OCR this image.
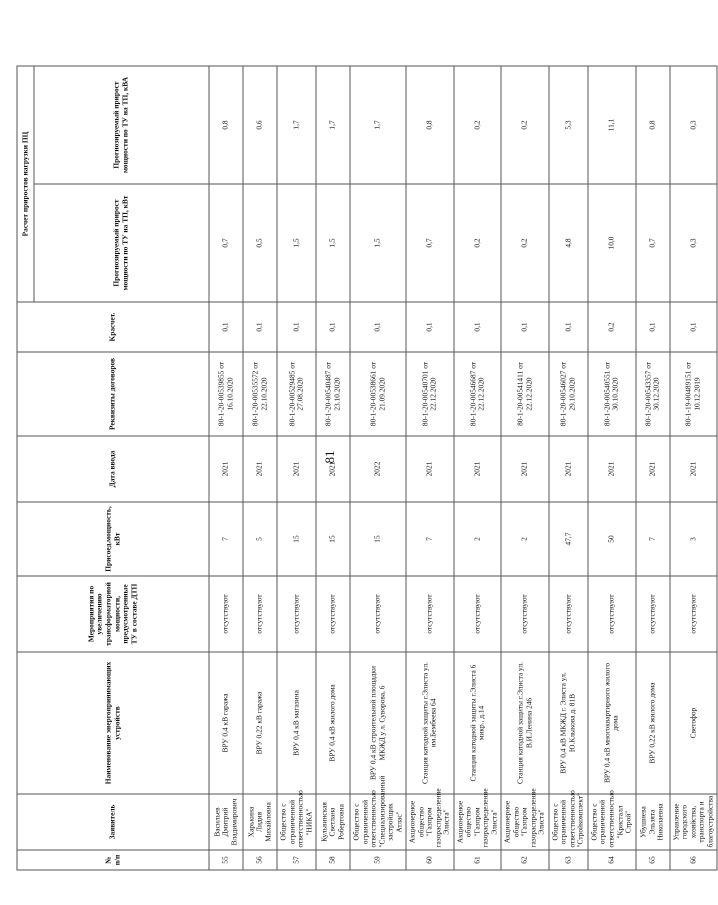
81
№ п/п	Заявитель	Наименование энергопринимающих устройств	Мероприятия по увеличению трансформаторной мощности, предусмотренные ТУ в составе ДТП	Присоед.мощность, кВт	Дата ввода	Реквизиты договоров	Kрасчет.	Расчет приростов нагрузки ПЦ	
								Прогнозируемый прирост мощности по ТУ на ТП, кВт	Прогнозируемый прирост мощности по ТУ на ТП, кВА
55	Васильев Дмитрий Владимирович	ВРУ 0,4 кВ гаража	отсутствуют	7	2021	80-1-20-00539855 от 16.10.2020	0,1	0,7	0,8
56	Харькина Лидия Михайловна	ВРУ 0,22 кВ гаража	отсутствуют	5	2021	80-1-20-00535572 от 22.10.2020	0,1	0,5	0,6
57	Общество с ограниченной ответственностью "НИКА"	ВРУ 0,4 кВ магазина	отсутствуют	15	2021	80-1-20-00529485 от 27.08.2020	0,1	1,5	1,7
58	Кульвинская Светлана Робертовна	ВРУ 0,4 кВ жилого дома	отсутствуют	15	2021	80-1-20-00540487 от 23.10.2020	0,1	1,5	1,7
59	Общество с ограниченной ответственностью "Специализированный застройщик Атлас"	ВРУ 0,4 кВ строительной площадки МКЖД у л. Суворова, 6	отсутствуют	15	2022	80-1-20-00538661 от 21.09.2020	0,1	1,5	1,7
60	Акционерное общество "Газпром газораспределение Элиста"	Станция катодной защиты г.Элиста ул. им.Бембеева 64	отсутствуют	7	2021	80-1-20-00540701 от 22.12.2020	0,1	0,7	0,8
61	Акционерное общество "Газпром газораспределение Элиста"	Станция катодной защиты г.Элиста 6 микр., д.14	отсутствуют	2	2021	80-1-20-00546687 от 22.12.2020	0,1	0,2	0,2
62	Акционерное общество "Газпром газораспределение Элиста"	Станция катодной защиты г.Элиста ул. В.И.Ленина 246	отсутствуют	2	2021	80-1-20-00541411 от 22.12.2020	0,1	0,2	0,2
63	Общество с ограниченной ответственностью "Стройкомплект"	ВРУ 0,4 кВ МКЖД г. Элиста ул. Ю.Клыкова д. 81В	отсутствуют	47,7	2021	80-1-20-00546027 от 29.10.2020	0,1	4,8	5,3
64	Общество с ограниченной ответственностью "Кристалл Строй"	ВРУ 0,4 кВ многоквартирного жилого дома	отсутствуют	50	2021	80-1-20-00540551 от 30.10.2020	0,2	10,0	11,1
65	Убушиева Эльзята Николаевна	ВРУ 0,22 кВ жилого дома	отсутствуют	7	2021	80-1-20-00543357 от 30.12.2020	0,1	0,7	0,8
66	Управление городского хозяйства, транспорта и благоустройства	Светофор	отсутствуют	3	2021	80-1-19-00489151 от 10.12.2019	0,1	0,3	0,3
